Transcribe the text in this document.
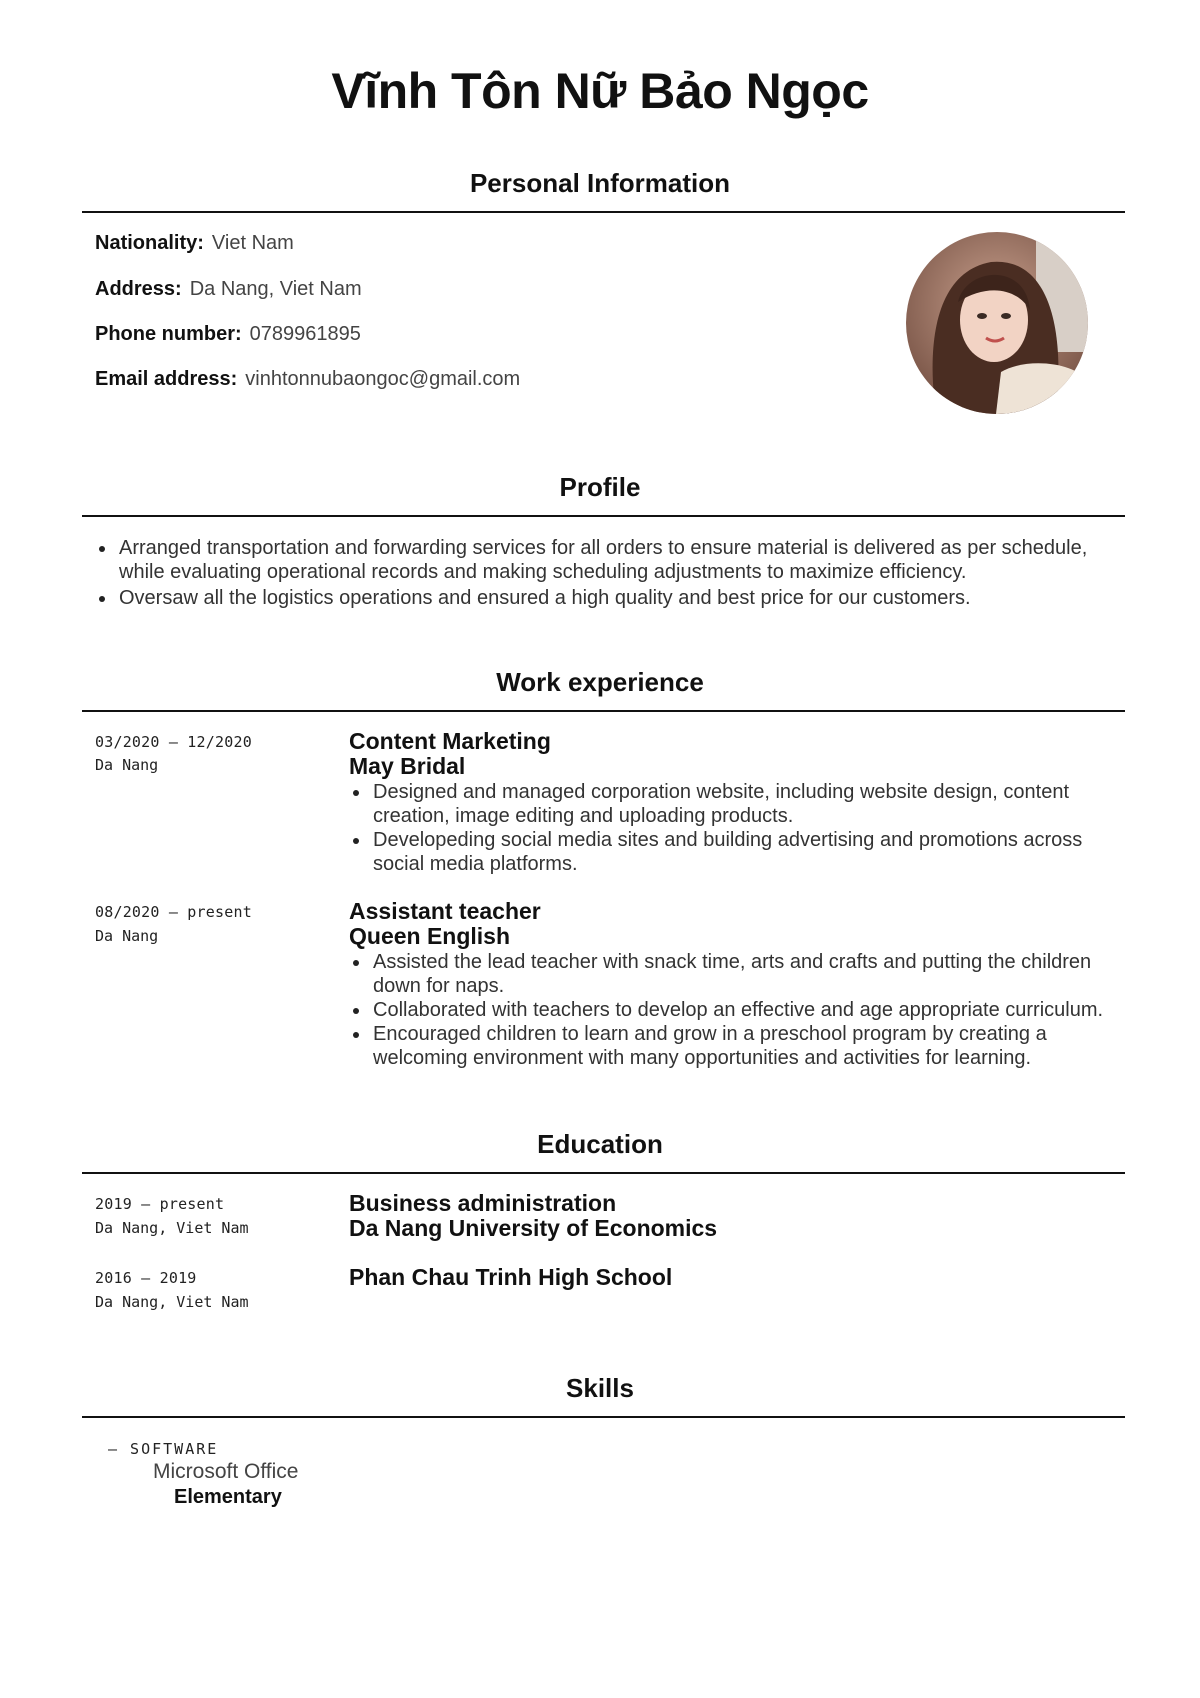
Vĩnh Tôn Nữ Bảo Ngọc
Personal Information
Nationality: Viet Nam
Address: Da Nang, Viet Nam
Phone number: 0789961895
Email address: vinhtonnubaongoc@gmail.com
Profile
Arranged transportation and forwarding services for all orders to ensure material is delivered as per schedule, while evaluating operational records and making scheduling adjustments to maximize efficiency.
Oversaw all the logistics operations and ensured a high quality and best price for our customers.
Work experience
03/2020 – 12/2020
Da Nang
Content Marketing
May Bridal
Designed and managed corporation website, including website design, content creation, image editing and uploading products.
Developeding social media sites and building advertising and promotions across social media platforms.
08/2020 – present
Da Nang
Assistant teacher
Queen English
Assisted the lead teacher with snack time, arts and crafts and putting the children down for naps.
Collaborated with teachers to develop an effective and age appropriate curriculum.
Encouraged children to learn and grow in a preschool program by creating a welcoming environment with many opportunities and activities for learning.
Education
2019 – present
Da Nang, Viet Nam
Business administration
Da Nang University of Economics
2016 – 2019
Da Nang, Viet Nam
Phan Chau Trinh High School
Skills
– SOFTWARE
Microsoft Office
Elementary
